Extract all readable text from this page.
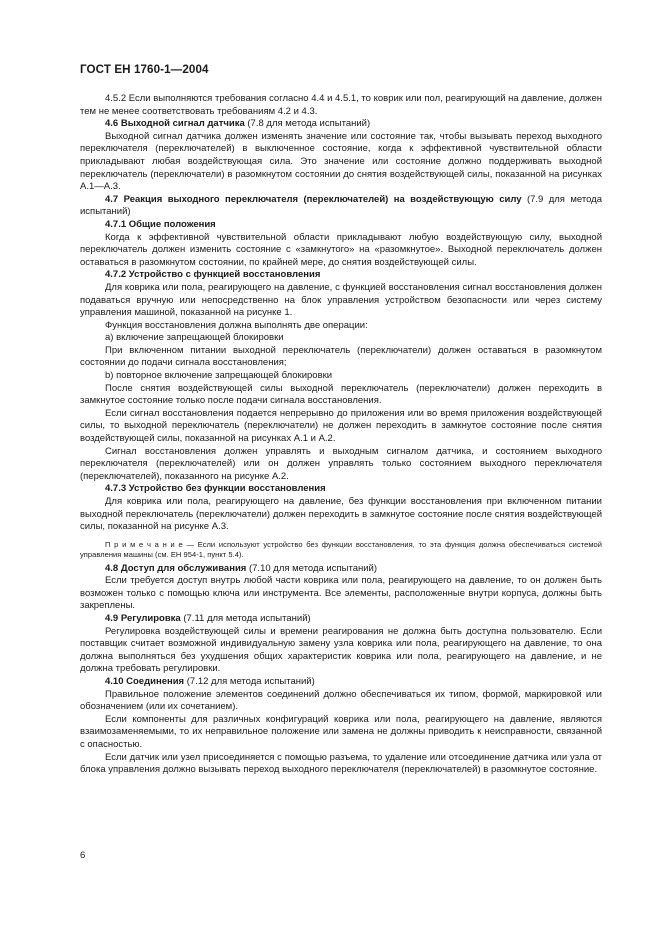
ГОСТ ЕН 1760-1—2004

4.5.2 Если выполняются требования согласно 4.4 и 4.5.1, то коврик или пол, реагирующий на давление, должен тем не менее соответствовать требованиям 4.2 и 4.3.

4.6 Выходной сигнал датчика (7.8 для метода испытаний)

Выходной сигнал датчика должен изменять значение или состояние так, чтобы вызывать переход выходного переключателя (переключателей) в выключенное состояние, когда к эффективной чувствительной области прикладывают любая воздействующая сила. Это значение или состояние должно поддерживать выходной переключатель (переключатели) в разомкнутом состоянии до снятия воздействующей силы, показанной на рисунках А.1—А.3.

4.7 Реакция выходного переключателя (переключателей) на воздействующую силу (7.9 для метода испытаний)

4.7.1 Общие положения

Когда к эффективной чувствительной области прикладывают любую воздействующую силу, выходной переключатель должен изменить состояние с «замкнутого» на «разомкнутое». Выходной переключатель должен оставаться в разомкнутом состоянии, по крайней мере, до снятия воздействующей силы.

4.7.2 Устройство с функцией восстановления

Для коврика или пола, реагирующего на давление, с функцией восстановления сигнал восстановления должен подаваться вручную или непосредственно на блок управления устройством безопасности или через систему управления машиной, показанной на рисунке 1.

Функция восстановления должна выполнять две операции:

a) включение запрещающей блокировки

При включенном питании выходной переключатель (переключатели) должен оставаться в разомкнутом состоянии до подачи сигнала восстановления;

b) повторное включение запрещающей блокировки

После снятия воздействующей силы выходной переключатель (переключатели) должен переходить в замкнутое состояние только после подачи сигнала восстановления.

Если сигнал восстановления подается непрерывно до приложения или во время приложения воздействующей силы, то выходной переключатель (переключатели) не должен переходить в замкнутое состояние после снятия воздействующей силы, показанной на рисунках А.1 и А.2.

Сигнал восстановления должен управлять и выходным сигналом датчика, и состоянием выходного переключателя (переключателей) или он должен управлять только состоянием выходного переключателя (переключателей), показанного на рисунке А.2.

4.7.3 Устройство без функции восстановления

Для коврика или пола, реагирующего на давление, без функции восстановления при включенном питании выходной переключатель (переключатели) должен переходить в замкнутое состояние после снятия воздействующей силы, показанной на рисунке А.3.

П р и м е ч а н и е — Если используют устройство без функции восстановления, то эта функция должна обеспечиваться системой управления машины (см. ЕН 954-1, пункт 5.4).

4.8 Доступ для обслуживания (7.10 для метода испытаний)

Если требуется доступ внутрь любой части коврика или пола, реагирующего на давление, то он должен быть возможен только с помощью ключа или инструмента. Все элементы, расположенные внутри корпуса, должны быть закреплены.

4.9 Регулировка (7.11 для метода испытаний)

Регулировка воздействующей силы и времени реагирования не должна быть доступна пользователю. Если поставщик считает возможной индивидуальную замену узла коврика или пола, реагирующего на давление, то она должна выполняться без ухудшения общих характеристик коврика или пола, реагирующего на давление, и не должна требовать регулировки.

4.10 Соединения (7.12 для метода испытаний)

Правильное положение элементов соединений должно обеспечиваться их типом, формой, маркировкой или обозначением (или их сочетанием).

Если компоненты для различных конфигураций коврика или пола, реагирующего на давление, являются взаимозаменяемыми, то их неправильное положение или замена не должны приводить к неисправности, связанной с опасностью.

Если датчик или узел присоединяется с помощью разъема, то удаление или отсоединение датчика или узла от блока управления должно вызывать переход выходного переключателя (переключателей) в разомкнутое состояние.

6
